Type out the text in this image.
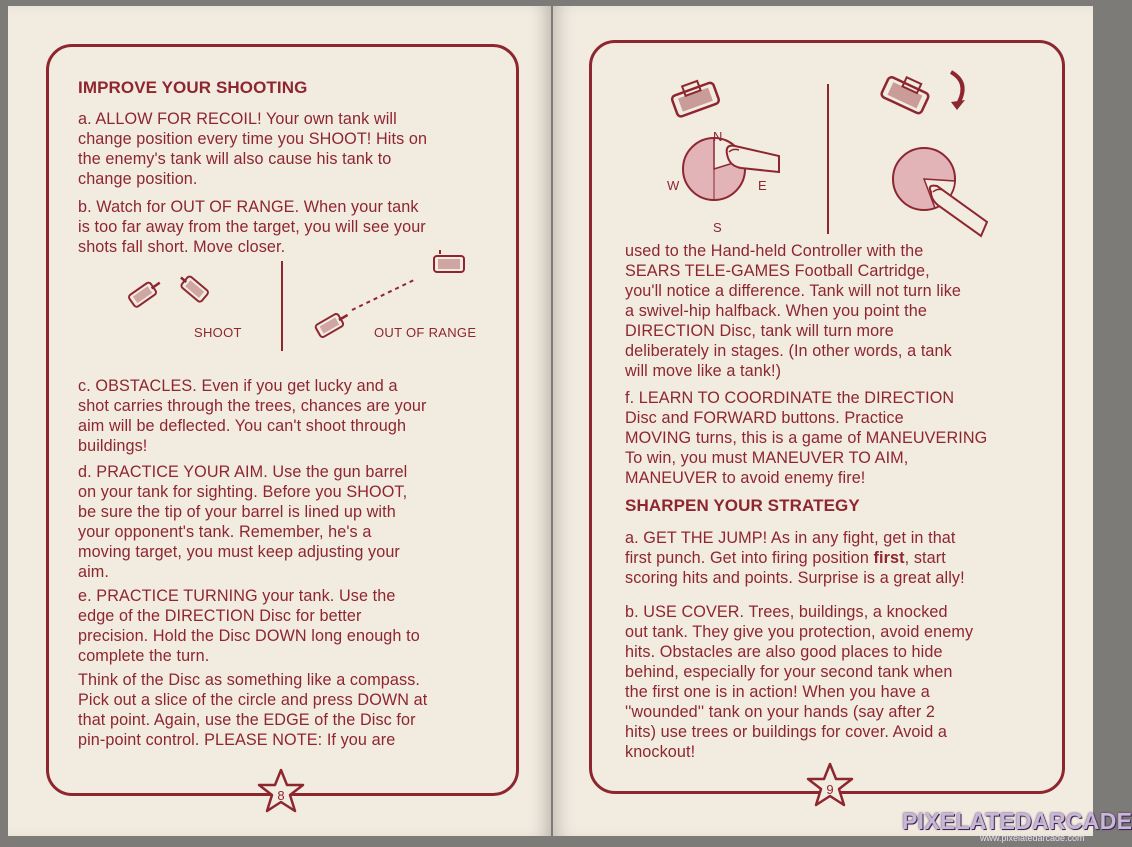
IMPROVE YOUR SHOOTING

a. ALLOW FOR RECOIL! Your own tank will
change position every time you SHOOT! Hits on
the enemy's tank will also cause his tank to
change position.

b. Watch for OUT OF RANGE. When your tank
is too far away from the target, you will see your
shots fall short. Move closer.

SHOOT	OUT OF RANGE

c. OBSTACLES. Even if you get lucky and a
shot carries through the trees, chances are your
aim will be deflected. You can't shoot through
buildings!

d. PRACTICE YOUR AIM. Use the gun barrel
on your tank for sighting. Before you SHOOT,
be sure the tip of your barrel is lined up with
your opponent's tank. Remember, he's a
moving target, you must keep adjusting your
aim.

e. PRACTICE TURNING your tank. Use the
edge of the DIRECTION Disc for better
precision. Hold the Disc DOWN long enough to
complete the turn.

Think of the Disc as something like a compass.
Pick out a slice of the circle and press DOWN at
that point. Again, use the EDGE of the Disc for
pin-point control. PLEASE NOTE: If you are

8
N
E
S
W

used to the Hand-held Controller with the
SEARS TELE-GAMES Football Cartridge,
you'll notice a difference. Tank will not turn like
a swivel-hip halfback. When you point the
DIRECTION Disc, tank will turn more
deliberately in stages. (In other words, a tank
will move like a tank!)

f. LEARN TO COORDINATE the DIRECTION
Disc and FORWARD buttons. Practice
MOVING turns, this is a game of MANEUVERING
To win, you must MANEUVER TO AIM,
MANEUVER to avoid enemy fire!

SHARPEN YOUR STRATEGY

a. GET THE JUMP! As in any fight, get in that
first punch. Get into firing position first, start
scoring hits and points. Surprise is a great ally!

b. USE COVER. Trees, buildings, a knocked
out tank. They give you protection, avoid enemy
hits. Obstacles are also good places to hide
behind, especially for your second tank when
the first one is in action! When you have a
''wounded'' tank on your hands (say after 2
hits) use trees or buildings for cover. Avoid a
knockout!

9
PIXELATEDARCADE
www.pixelatedarcade.com
